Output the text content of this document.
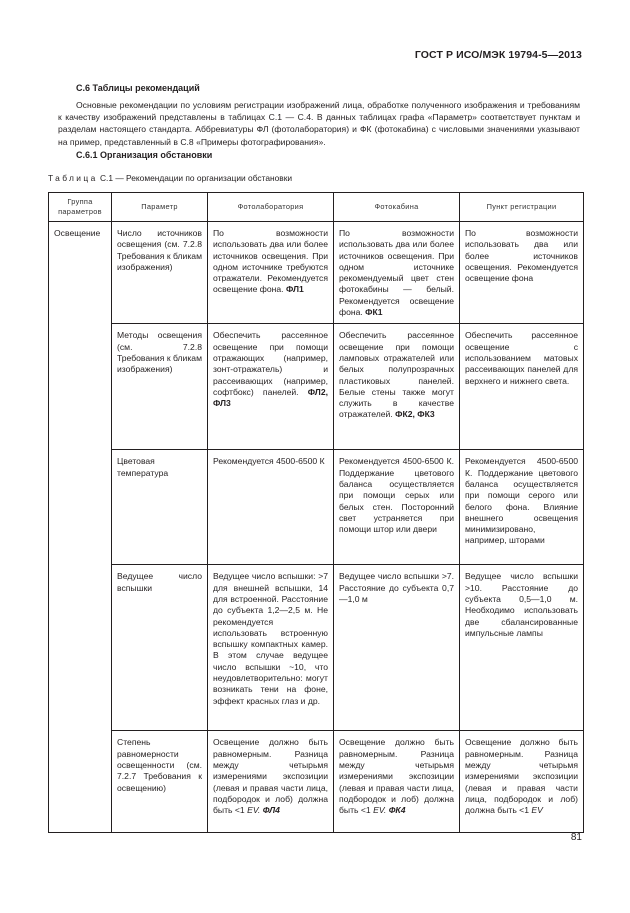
ГОСТ Р ИСО/МЭК 19794-5—2013
С.6 Таблицы рекомендаций

Основные рекомендации по условиям регистрации изображений лица, обработке полученного изображения и требованиям к качеству изображений представлены в таблицах С.1 — С.4. В данных таблицах графа «Параметр» соответствует пунктам и разделам настоящего стандарта. Аббревиатуры ФЛ (фотолаборатория) и ФК (фотокабина) с числовыми значениями указывают на пример, представленный в С.8 «Примеры фотографирования».

С.6.1 Организация обстановки
Таблица С.1 — Рекомендации по организации обстановки
Группа параметров	Параметр	Фотолаборатория	Фотокабина	Пункт регистрации
Освещение	Число источников освещения (см. 7.2.8 Требования к бликам изображения)	По возможности использовать два или более источников освещения. При одном источнике требуются отражатели. Рекомендуется освещение фона. ФЛ1	По возможности использовать два или более источников освещения. При одном источнике рекомендуемый цвет стен фотокабины — белый. Рекомендуется освещение фона. ФК1	По возможности использовать два или более источников освещения. Рекомендуется освещение фона
	Методы освещения (см. 7.2.8 Требования к бликам изображения)	Обеспечить рассеянное освещение при помощи отражающих (например, зонт-отражатель) и рассеивающих (например, софтбокс) панелей. ФЛ2, ФЛ3	Обеспечить рассеянное освещение при помощи ламповых отражателей или белых полупрозрачных пластиковых панелей. Белые стены также могут служить в качестве отражателей. ФК2, ФК3	Обеспечить рассеянное освещение с использованием матовых рассеивающих панелей для верхнего и нижнего света.
	Цветовая температура	Рекомендуется 4500-6500 К	Рекомендуется 4500-6500 К. Поддержание цветового баланса осуществляется при помощи серых или белых стен. Посторонний свет устраняется при помощи штор или двери	Рекомендуется 4500-6500 К. Поддержание цветового баланса осуществляется при помощи серого или белого фона. Влияние внешнего освещения минимизировано, например, шторами
	Ведущее число вспышки	Ведущее число вспышки: >7 для внешней вспышки, 14 для встроенной. Расстояние до субъекта 1,2—2,5 м. Не рекомендуется использовать встроенную вспышку компактных камер. В этом случае ведущее число вспышки ~10, что неудовлетворительно: могут возникать тени на фоне, эффект красных глаз и др.	Ведущее число вспышки >7. Расстояние до субъекта 0,7—1,0 м	Ведущее число вспышки >10. Расстояние до субъекта 0,5—1,0 м. Необходимо использовать две сбалансированные импульсные лампы
	Степень равномерности освещенности (см. 7.2.7 Требования к освещению)	Освещение должно быть равномерным. Разница между четырьмя измерениями экспозиции (левая и правая части лица, подбородок и лоб) должна быть <1 EV. ФЛ4	Освещение должно быть равномерным. Разница между четырьмя измерениями экспозиции (левая и правая части лица, подбородок и лоб) должна быть <1 EV. ФК4	Освещение должно быть равномерным. Разница между четырьмя измерениями экспозиции (левая и правая части лица, подбородок и лоб) должна быть <1 EV
81
